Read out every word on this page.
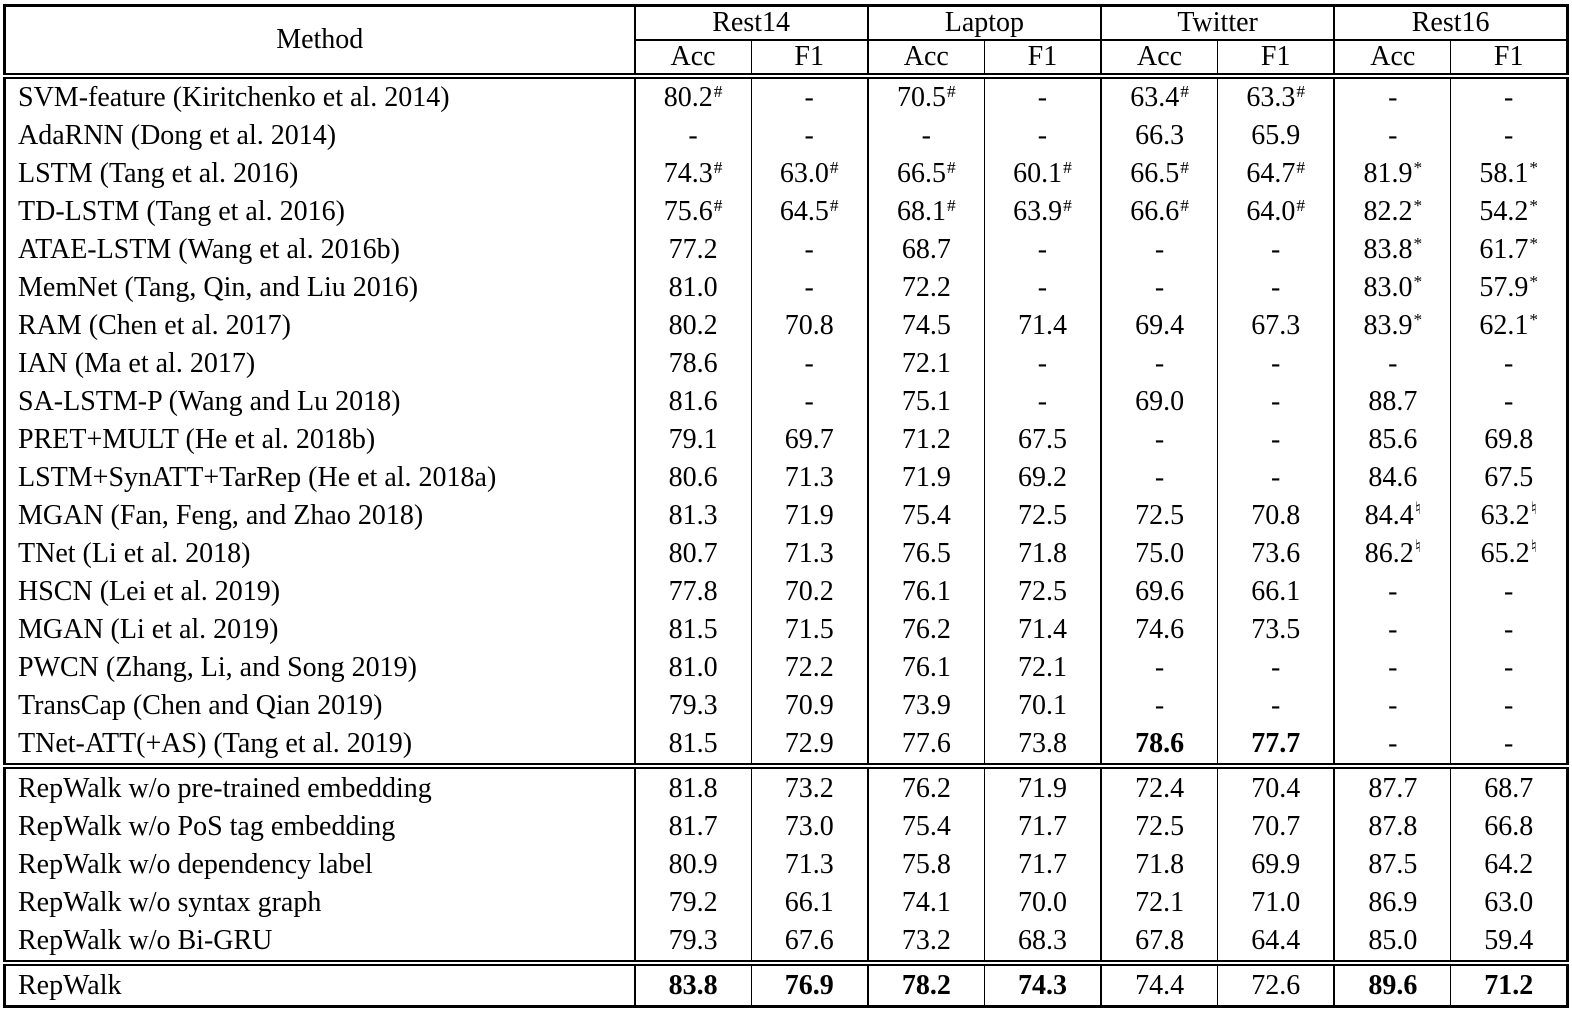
Method	Rest14		Laptop		Twitter		Rest16	
	Acc	F1	Acc	F1	Acc	F1	Acc	F1
SVM-feature (Kiritchenko et al. 2014)	80.2#	-	70.5#	-	63.4#	63.3#	-	-
AdaRNN (Dong et al. 2014)	-	-	-	-	66.3	65.9	-	-
LSTM (Tang et al. 2016)	74.3#	63.0#	66.5#	60.1#	66.5#	64.7#	81.9*	58.1*
TD-LSTM (Tang et al. 2016)	75.6#	64.5#	68.1#	63.9#	66.6#	64.0#	82.2*	54.2*
ATAE-LSTM (Wang et al. 2016b)	77.2	-	68.7	-	-	-	83.8*	61.7*
MemNet (Tang, Qin, and Liu 2016)	81.0	-	72.2	-	-	-	83.0*	57.9*
RAM (Chen et al. 2017)	80.2	70.8	74.5	71.4	69.4	67.3	83.9*	62.1*
IAN (Ma et al. 2017)	78.6	-	72.1	-	-	-	-	-
SA-LSTM-P (Wang and Lu 2018)	81.6	-	75.1	-	69.0	-	88.7	-
PRET+MULT (He et al. 2018b)	79.1	69.7	71.2	67.5	-	-	85.6	69.8
LSTM+SynATT+TarRep (He et al. 2018a)	80.6	71.3	71.9	69.2	-	-	84.6	67.5
MGAN (Fan, Feng, and Zhao 2018)	81.3	71.9	75.4	72.5	72.5	70.8	84.4♮	63.2♮
TNet (Li et al. 2018)	80.7	71.3	76.5	71.8	75.0	73.6	86.2♮	65.2♮
HSCN (Lei et al. 2019)	77.8	70.2	76.1	72.5	69.6	66.1	-	-
MGAN (Li et al. 2019)	81.5	71.5	76.2	71.4	74.6	73.5	-	-
PWCN (Zhang, Li, and Song 2019)	81.0	72.2	76.1	72.1	-	-	-	-
TransCap (Chen and Qian 2019)	79.3	70.9	73.9	70.1	-	-	-	-
TNet-ATT(+AS) (Tang et al. 2019)	81.5	72.9	77.6	73.8	78.6	77.7	-	-
RepWalk w/o pre-trained embedding	81.8	73.2	76.2	71.9	72.4	70.4	87.7	68.7
RepWalk w/o PoS tag embedding	81.7	73.0	75.4	71.7	72.5	70.7	87.8	66.8
RepWalk w/o dependency label	80.9	71.3	75.8	71.7	71.8	69.9	87.5	64.2
RepWalk w/o syntax graph	79.2	66.1	74.1	70.0	72.1	71.0	86.9	63.0
RepWalk w/o Bi-GRU	79.3	67.6	73.2	68.3	67.8	64.4	85.0	59.4
RepWalk	83.8	76.9	78.2	74.3	74.4	72.6	89.6	71.2
